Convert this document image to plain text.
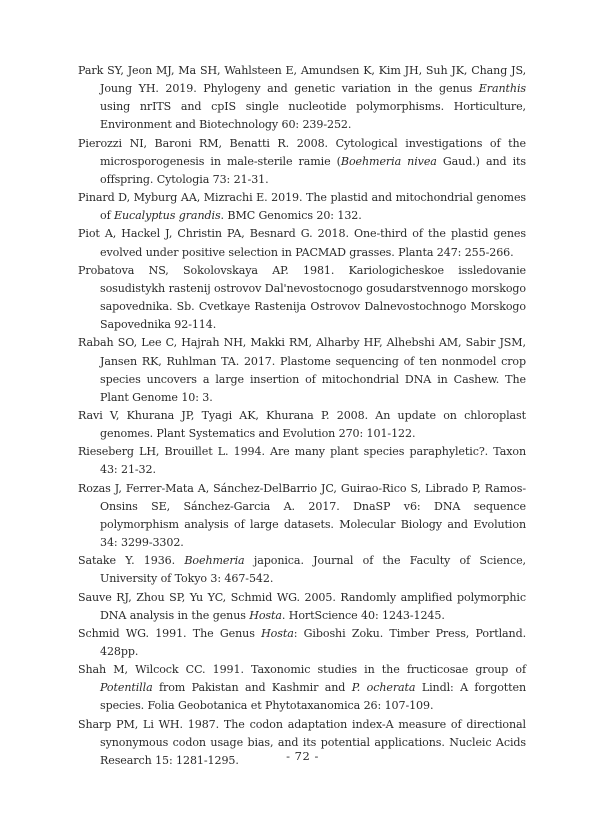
Park SY, Jeon MJ, Ma SH, Wahlsteen E, Amundsen K, Kim JH, Suh JK, Chang JS, Joung YH. 2019. Phylogeny and genetic variation in the genus Eranthis using nrITS and cpIS single nucleotide polymorphisms. Horticulture, Environment and Biotechnology 60: 239-252.

Pierozzi NI, Baroni RM, Benatti R. 2008. Cytological investigations of the microsporogenesis in male-sterile ramie (Boehmeria nivea Gaud.) and its offspring. Cytologia 73: 21-31.

Pinard D, Myburg AA, Mizrachi E. 2019. The plastid and mitochondrial genomes of Eucalyptus grandis. BMC Genomics 20: 132.

Piot A, Hackel J, Christin PA, Besnard G. 2018. One-third of the plastid genes evolved under positive selection in PACMAD grasses. Planta 247: 255-266.

Probatova NS, Sokolovskaya AP. 1981. Kariologicheskoe issledovanie sosudistykh rastenij ostrovov Dal'nevostocnogo gosudarstvennogo morskogo sapovednika. Sb. Cvetkaye Rastenija Ostrovov Dalnevostochnogo Morskogo Sapovednika 92-114.

Rabah SO, Lee C, Hajrah NH, Makki RM, Alharby HF, Alhebshi AM, Sabir JSM, Jansen RK, Ruhlman TA. 2017. Plastome sequencing of ten nonmodel crop species uncovers a large insertion of mitochondrial DNA in Cashew. The Plant Genome 10: 3.

Ravi V, Khurana JP, Tyagi AK, Khurana P. 2008. An update on chloroplast genomes. Plant Systematics and Evolution 270: 101-122.

Rieseberg LH, Brouillet L. 1994. Are many plant species paraphyletic?. Taxon 43: 21-32.

Rozas J, Ferrer-Mata A, Sánchez-DelBarrio JC, Guirao-Rico S, Librado P, Ramos-Onsins SE, Sánchez-Garcia A. 2017. DnaSP v6: DNA sequence polymorphism analysis of large datasets. Molecular Biology and Evolution 34: 3299-3302.

Satake Y. 1936. Boehmeria japonica. Journal of the Faculty of Science, University of Tokyo 3: 467-542.

Sauve RJ, Zhou SP, Yu YC, Schmid WG. 2005. Randomly amplified polymorphic DNA analysis in the genus Hosta. HortScience 40: 1243-1245.

Schmid WG. 1991. The Genus Hosta: Giboshi Zoku. Timber Press, Portland. 428pp.

Shah M, Wilcock CC. 1991. Taxonomic studies in the fructicosae group of Potentilla from Pakistan and Kashmir and P. ocherata Lindl: A forgotten species. Folia Geobotanica et Phytotaxanomica 26: 107-109.

Sharp PM, Li WH. 1987. The codon adaptation index-A measure of directional synonymous codon usage bias, and its potential applications. Nucleic Acids Research 15: 1281-1295.	- 72 -
